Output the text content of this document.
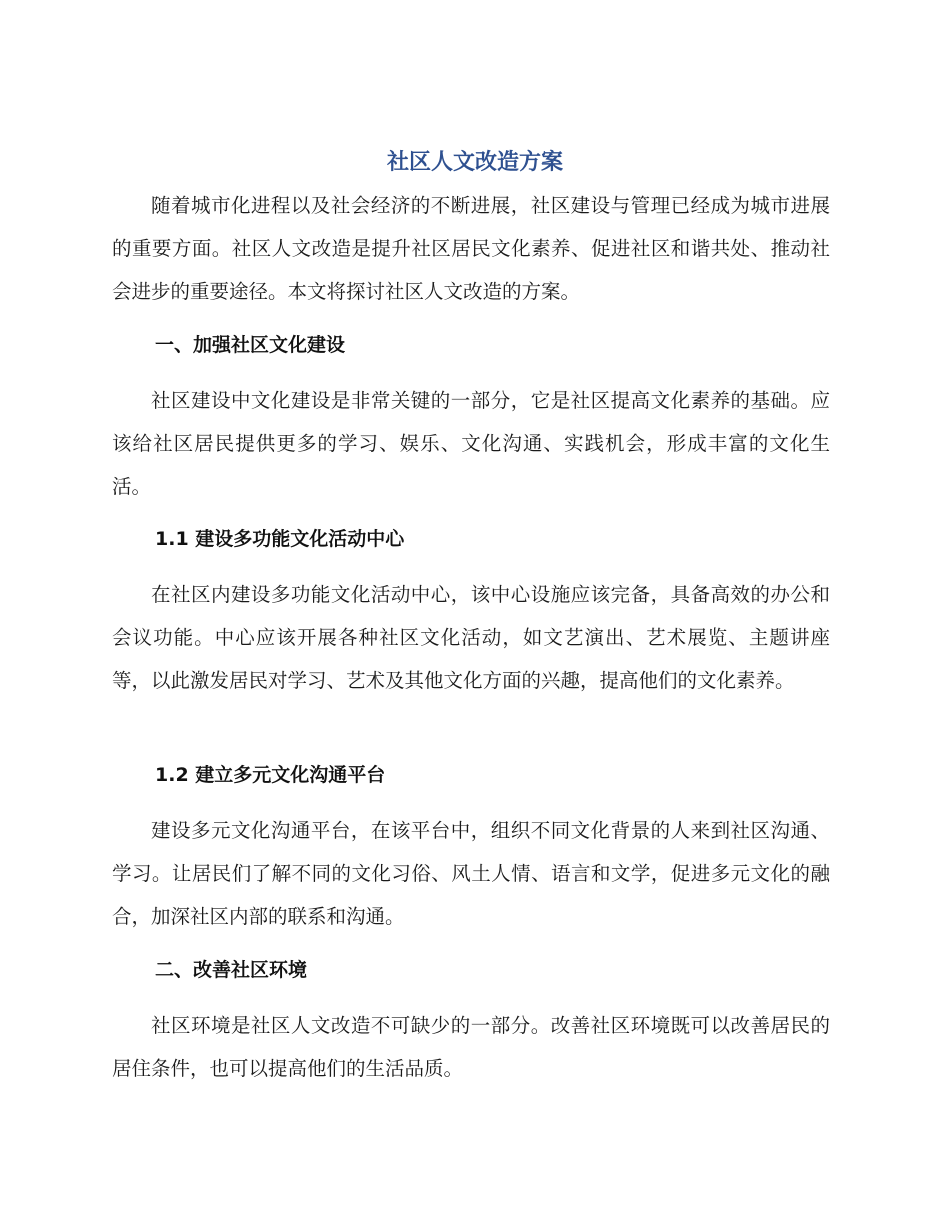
社区人文改造方案

随着城市化进程以及社会经济的不断进展，社区建设与管理已经成为城市进展的重要方面。社区人文改造是提升社区居民文化素养、促进社区和谐共处、推动社会进步的重要途径。本文将探讨社区人文改造的方案。

一、加强社区文化建设

社区建设中文化建设是非常关键的一部分，它是社区提高文化素养的基础。应该给社区居民提供更多的学习、娱乐、文化沟通、实践机会，形成丰富的文化生活。

1.1 建设多功能文化活动中心

在社区内建设多功能文化活动中心，该中心设施应该完备，具备高效的办公和会议功能。中心应该开展各种社区文化活动，如文艺演出、艺术展览、主题讲座等，以此激发居民对学习、艺术及其他文化方面的兴趣，提高他们的文化素养。

1.2 建立多元文化沟通平台

建设多元文化沟通平台，在该平台中，组织不同文化背景的人来到社区沟通、学习。让居民们了解不同的文化习俗、风土人情、语言和文学，促进多元文化的融合，加深社区内部的联系和沟通。

二、改善社区环境

社区环境是社区人文改造不可缺少的一部分。改善社区环境既可以改善居民的居住条件，也可以提高他们的生活品质。
